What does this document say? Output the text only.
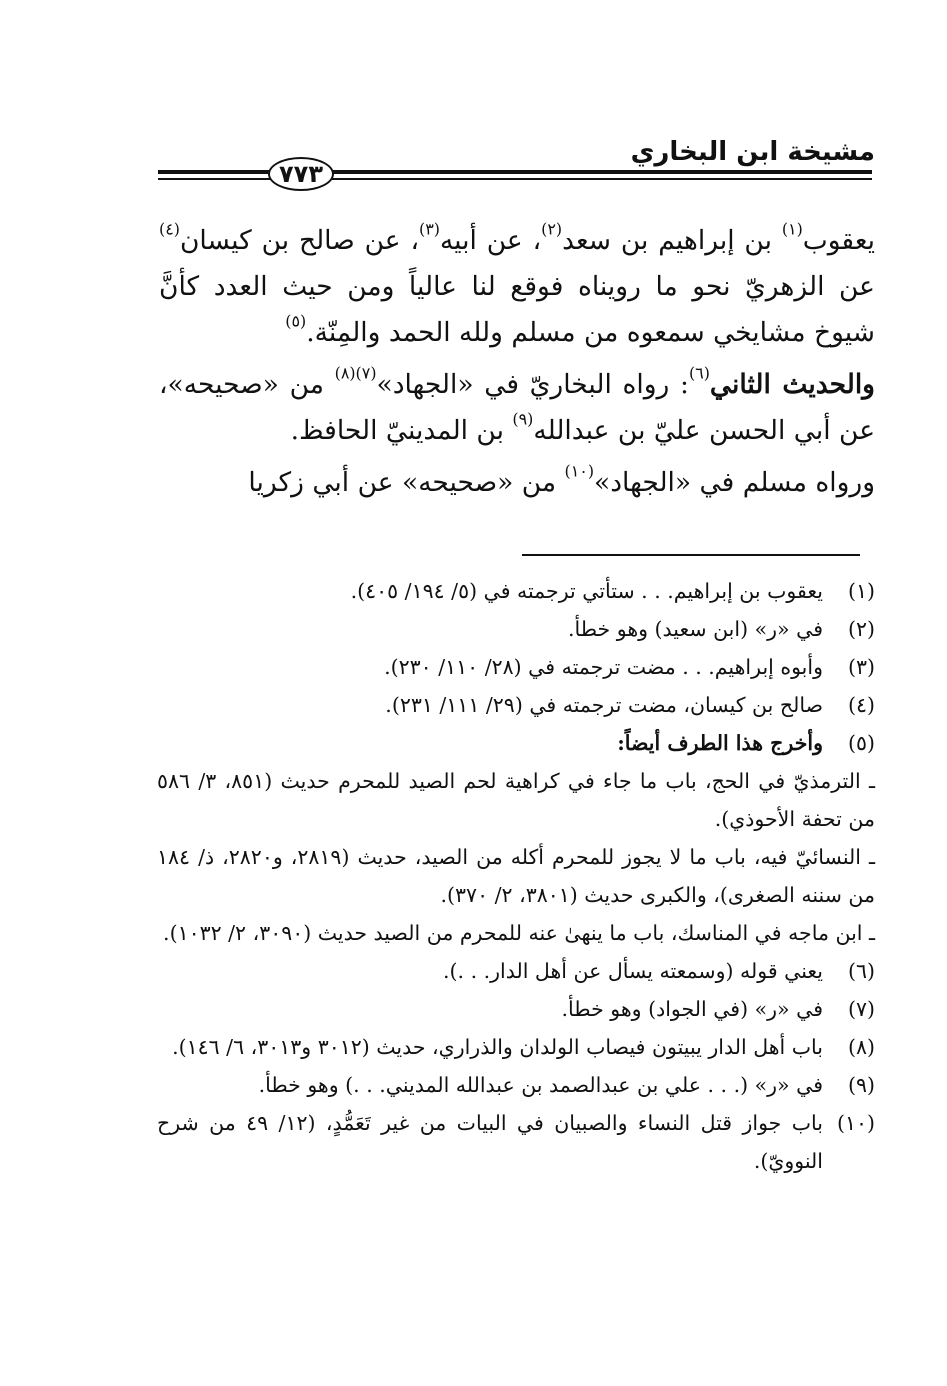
مشيخة ابن البخاري
٧٧٣

يعقوب$^{(١)}$ بن إبراهيم بن سعد$^{(٢)}$، عن أبيه$^{(٣)}$، عن صالح بن كيسان$^{(٤)}$ عن الزهريّ نحو ما رويناه فوقع لنا عالياً ومن حيث العدد كأنَّ شيوخ مشايخي سمعوه من مسلم ولله الحمد والمِنّة.$^{(٥)}$

والحديث الثاني$^{(٦)}$: رواه البخاريّ في «الجهاد»$^{(٧)(٨)}$ من «صحيحه»، عن أبي الحسن عليّ بن عبدالله$^{(٩)}$ بن المدينيّ الحافظ.

ورواه مسلم في «الجهاد»$^{(١٠)}$ من «صحيحه» عن أبي زكريا

(١)
يعقوب بن إبراهيم. . . ستأتي ترجمته في (٥/ ١٩٤/ ٤٠٥).
(٢)
في «ر» (ابن سعيد) وهو خطأ.
(٣)
وأبوه إبراهيم. . . مضت ترجمته في (٢٨/ ١١٠/ ٢٣٠).
(٤)
صالح بن كيسان، مضت ترجمته في (٢٩/ ١١١/ ٢٣١).
(٥)
وأخرج هذا الطرف أيضاً:

ـ الترمذيّ في الحج، باب ما جاء في كراهية لحم الصيد للمحرم حديث (٨٥١، ٣/ ٥٨٦ من تحفة الأحوذي).

ـ النسائيّ فيه، باب ما لا يجوز للمحرم أكله من الصيد، حديث (٢٨١٩، و٢٨٢٠، ذ/ ١٨٤ من سننه الصغرى)، والكبرى حديث (٣٨٠١، ٢/ ٣٧٠).

ـ ابن ماجه في المناسك، باب ما ينهىٰ عنه للمحرم من الصيد حديث (٣٠٩٠، ٢/ ١٠٣٢).

(٦)
يعني قوله (وسمعته يسأل عن أهل الدار. . .).
(٧)
في «ر» (في الجواد) وهو خطأ.
(٨)
باب أهل الدار يبيتون فيصاب الولدان والذراري، حديث (٣٠١٢ و٣٠١٣، ٦/ ١٤٦).
(٩)
في «ر» (. . . علي بن عبدالصمد بن عبدالله المديني. . .) وهو خطأ.
(١٠)
باب جواز قتل النساء والصبيان في البيات من غير تَعَمُّدٍ، (١٢/ ٤٩ من شرح النوويّ).
